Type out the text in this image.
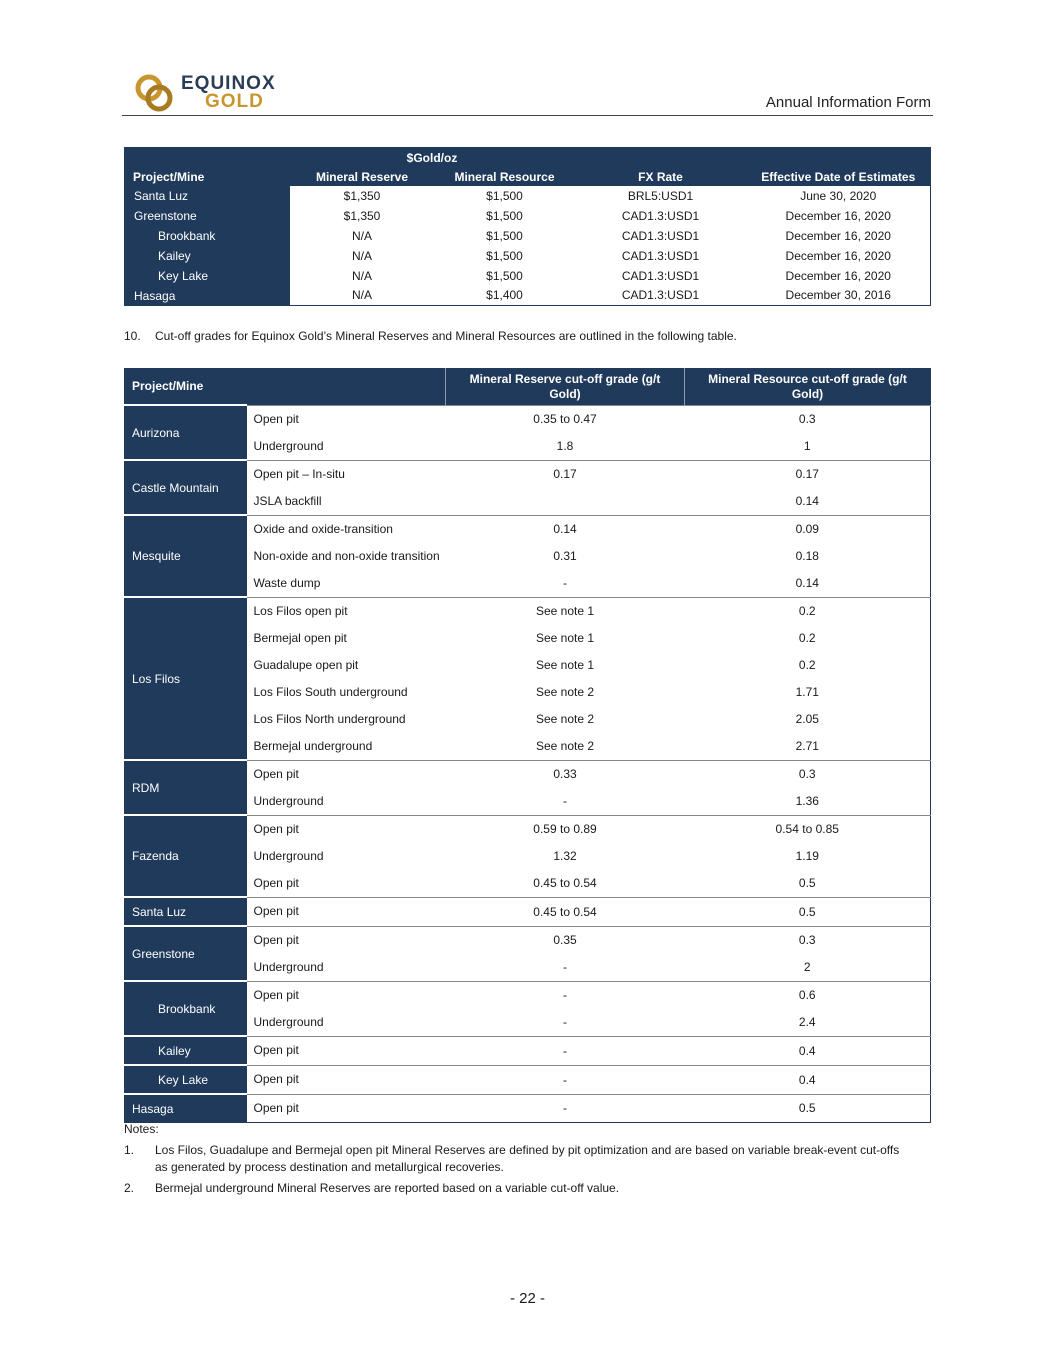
EQUINOX
GOLD	Annual Information Form
	$Gold/oz			
Project/Mine	Mineral Reserve	Mineral Resource	FX Rate	Effective Date of Estimates
Santa Luz	$1,350	$1,500	BRL5:USD1	June 30, 2020
Greenstone	$1,350	$1,500	CAD1.3:USD1	December 16, 2020
Brookbank	N/A	$1,500	CAD1.3:USD1	December 16, 2020
Kailey	N/A	$1,500	CAD1.3:USD1	December 16, 2020
Key Lake	N/A	$1,500	CAD1.3:USD1	December 16, 2020
Hasaga	N/A	$1,400	CAD1.3:USD1	December 30, 2016
10. Cut-off grades for Equinox Gold’s Mineral Reserves and Mineral Resources are outlined in the following table.
Project/Mine		Mineral Reserve cut-off grade (g/t Gold)	Mineral Resource cut-off grade (g/t Gold)
Aurizona	Open pit	0.35 to 0.47	0.3
	Underground	1.8	1
Castle Mountain	Open pit – In-situ	0.17	0.17
	JSLA backfill		0.14
Mesquite	Oxide and oxide-transition	0.14	0.09
	Non-oxide and non-oxide transition	0.31	0.18
	Waste dump	-	0.14
Los Filos	Los Filos open pit	See note 1	0.2
	Bermejal open pit	See note 1	0.2
	Guadalupe open pit	See note 1	0.2
	Los Filos South underground	See note 2	1.71
	Los Filos North underground	See note 2	2.05
	Bermejal underground	See note 2	2.71
RDM	Open pit	0.33	0.3
	Underground	-	1.36
Fazenda	Open pit	0.59 to 0.89	0.54 to 0.85
	Underground	1.32	1.19
	Open pit	0.45 to 0.54	0.5
Santa Luz	Open pit	0.45 to 0.54	0.5
Greenstone	Open pit	0.35	0.3
	Underground	-	2
Brookbank	Open pit	-	0.6
	Underground	-	2.4
Kailey	Open pit	-	0.4
Key Lake	Open pit	-	0.4
Hasaga	Open pit	-	0.5
Notes:
1.	Los Filos, Guadalupe and Bermejal open pit Mineral Reserves are defined by pit optimization and are based on variable break-event cut-offs as generated by process destination and metallurgical recoveries.
2.	Bermejal underground Mineral Reserves are reported based on a variable cut-off value.
- 22 -
